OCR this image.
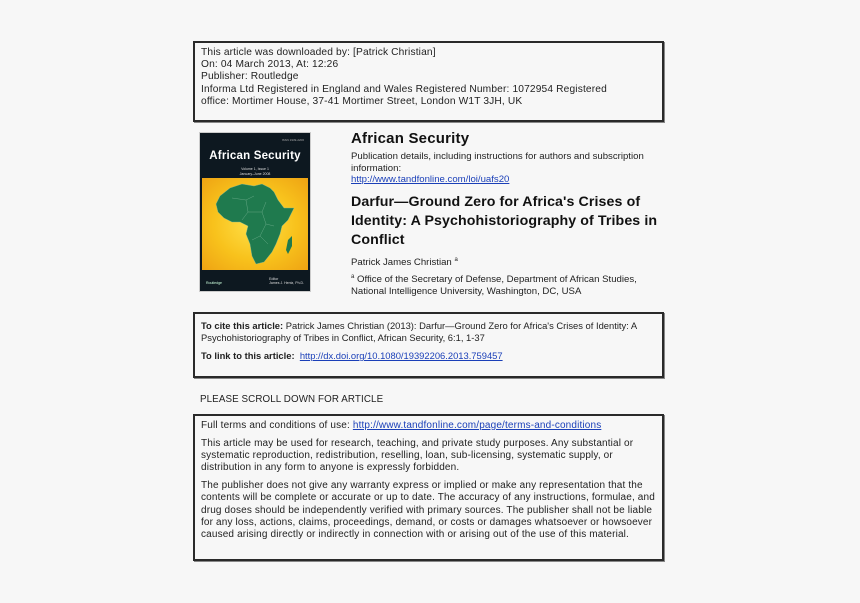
This article was downloaded by: [Patrick Christian]
On: 04 March 2013, At: 12:26
Publisher: Routledge
Informa Ltd Registered in England and Wales Registered Number: 1072954 Registered
office: Mortimer House, 37-41 Mortimer Street, London W1T 3JH, UK
ISSN 1939-2206
African Security
Volume 1, Issue 1
January–June 2008
Routledge
Editor
James J. Hentz, Ph.D.
African Security
Publication details, including instructions for authors and subscription information:
http://www.tandfonline.com/loi/uafs20
Darfur—Ground Zero for Africa's Crises of Identity: A Psychohistoriography of Tribes in Conflict
Patrick James Christian $^a$
$^a$ Office of the Secretary of Defense, Department of African Studies, National Intelligence University, Washington, DC, USA
To cite this article: Patrick James Christian (2013): Darfur—Ground Zero for Africa's Crises of Identity: A Psychohistoriography of Tribes in Conflict, African Security, 6:1, 1-37
To link to this article: http://dx.doi.org/10.1080/19392206.2013.759457
PLEASE SCROLL DOWN FOR ARTICLE

Full terms and conditions of use: http://www.tandfonline.com/page/terms-and-conditions

This article may be used for research, teaching, and private study purposes. Any substantial or systematic reproduction, redistribution, reselling, loan, sub-licensing, systematic supply, or distribution in any form to anyone is expressly forbidden.

The publisher does not give any warranty express or implied or make any representation that the contents will be complete or accurate or up to date. The accuracy of any instructions, formulae, and drug doses should be independently verified with primary sources. The publisher shall not be liable for any loss, actions, claims, proceedings, demand, or costs or damages whatsoever or howsoever caused arising directly or indirectly in connection with or arising out of the use of this material.
